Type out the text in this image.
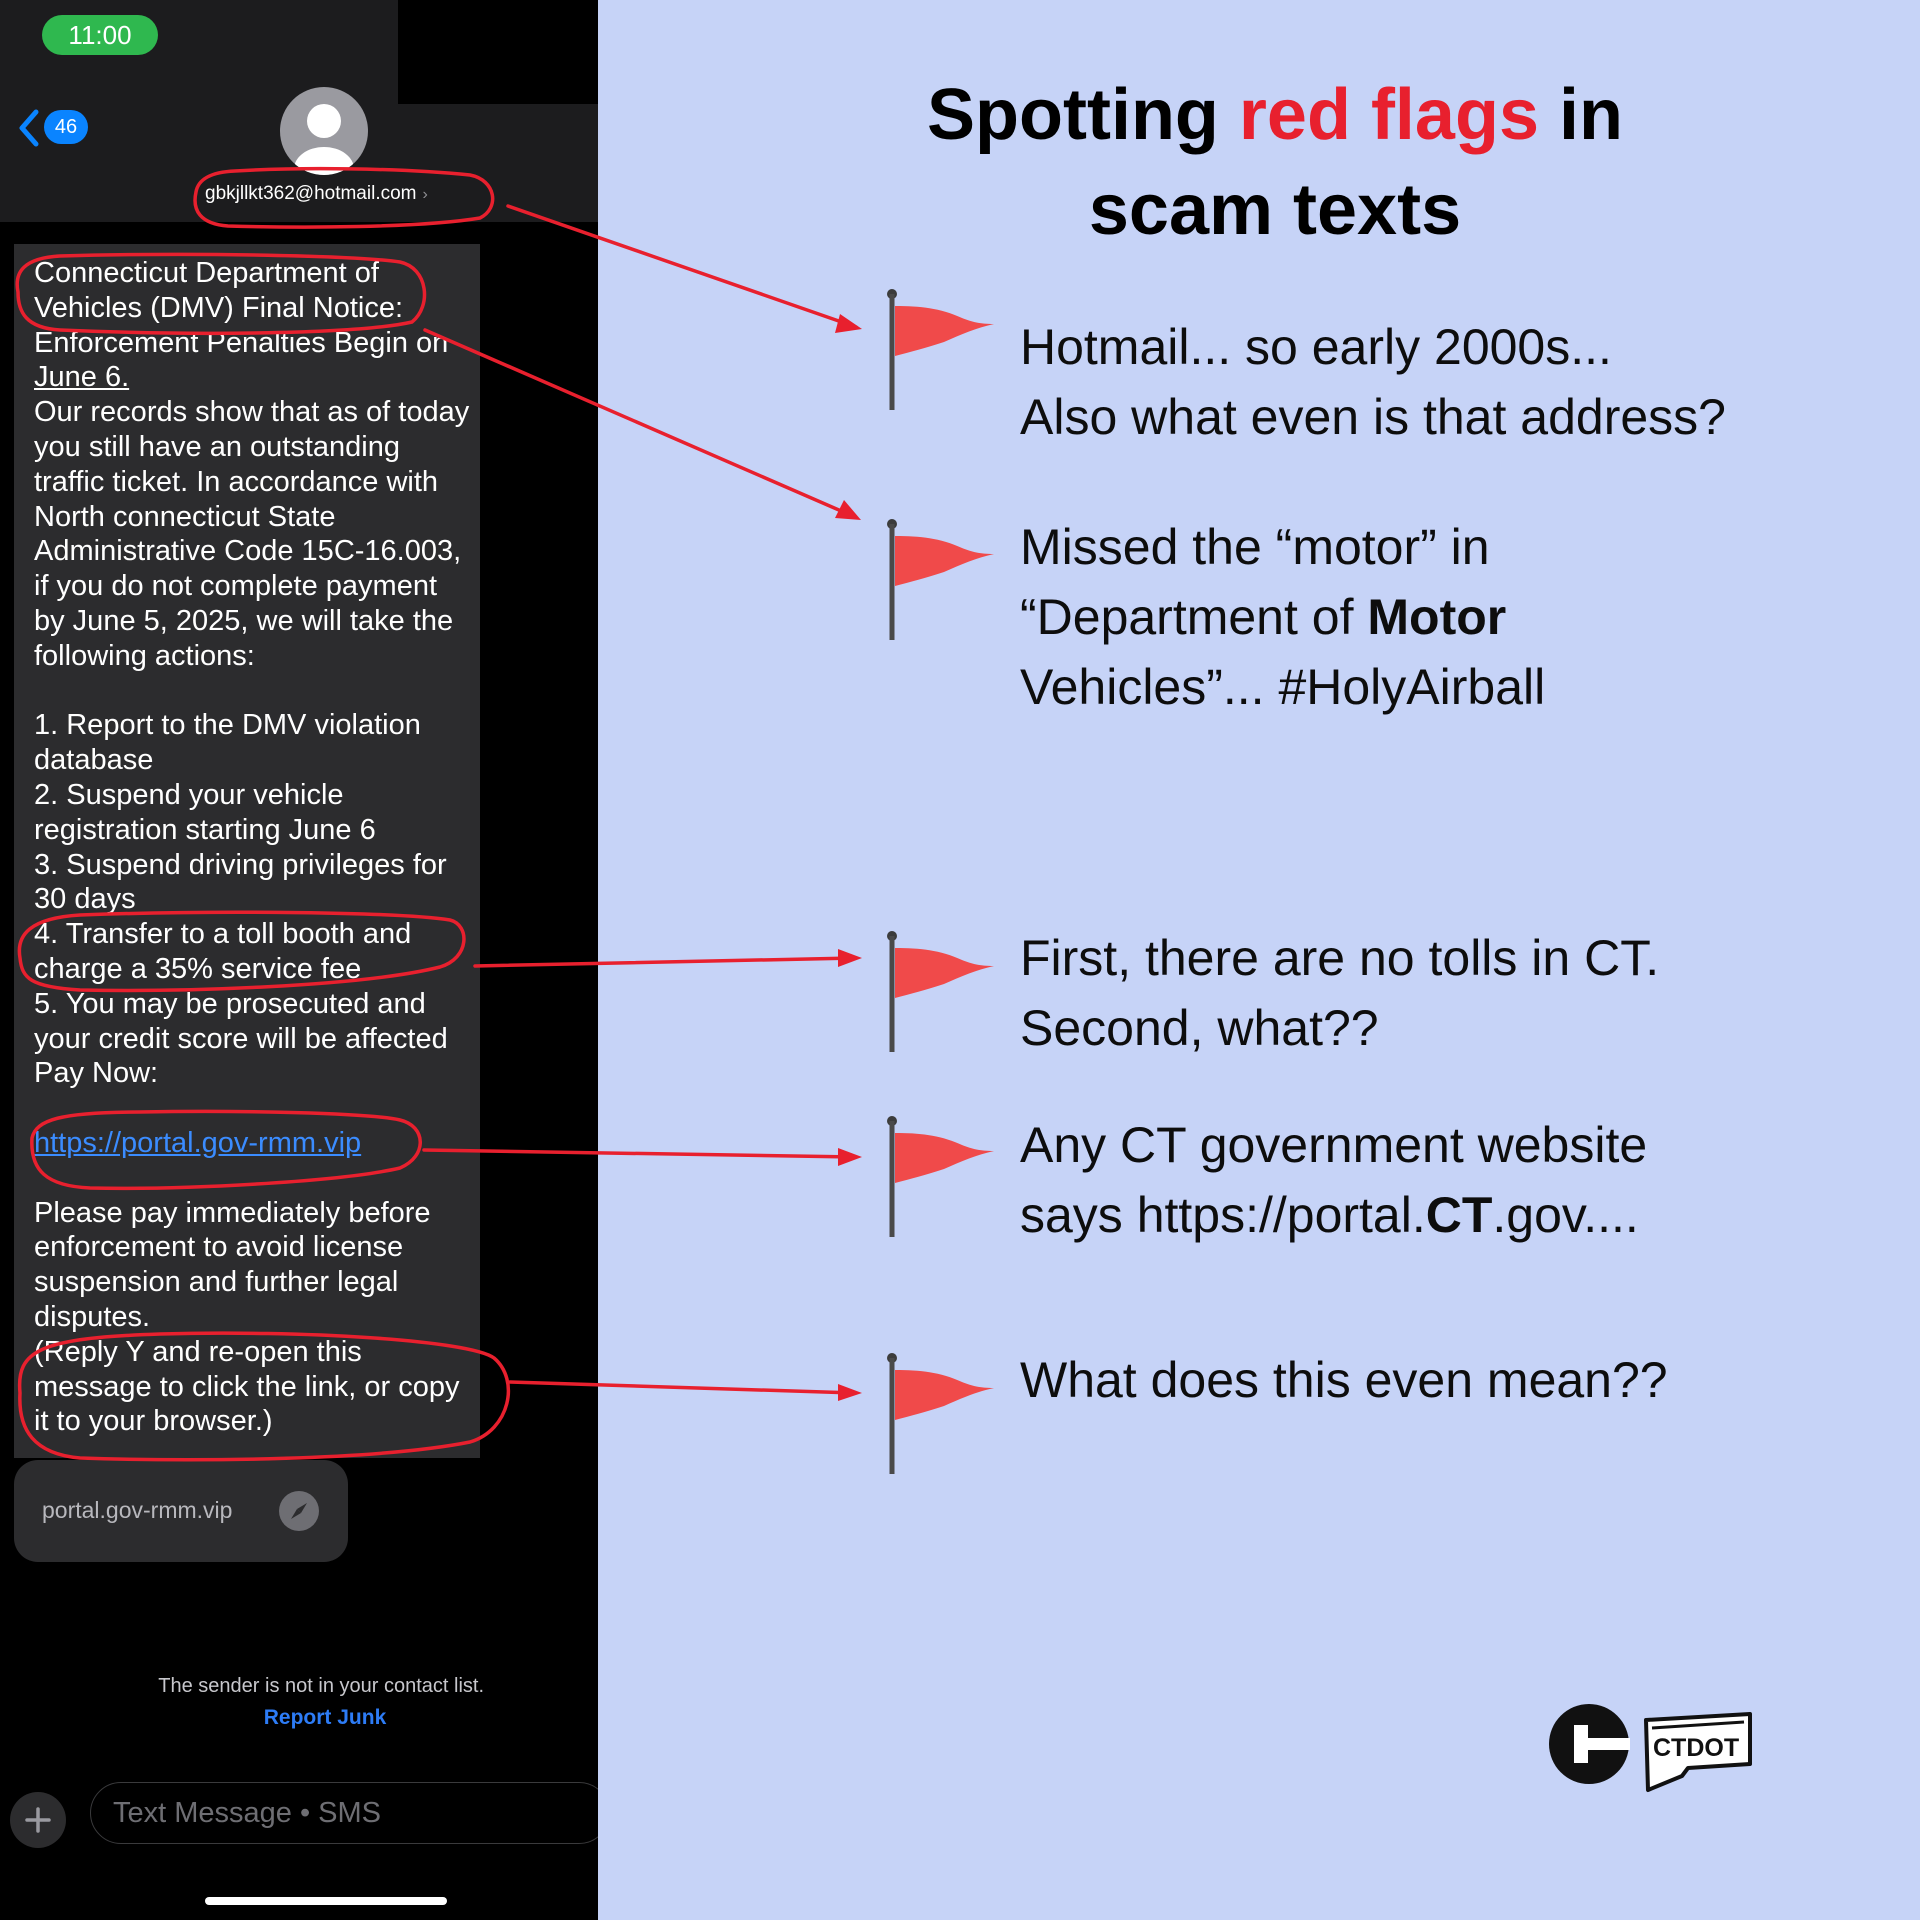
11:00
46
gbkjllkt362@hotmail.com ›
Connecticut Department of
Vehicles (DMV) Final Notice:
Enforcement Penalties Begin on
June 6.
Our records show that as of today
you still have an outstanding
traffic ticket. In accordance with
North connecticut State
Administrative Code 15C-16.003,
if you do not complete payment
by June 5, 2025, we will take the
following actions:

1. Report to the DMV violation
database
2. Suspend your vehicle
registration starting June 6
3. Suspend driving privileges for
30 days
4. Transfer to a toll booth and
charge a 35% service fee
5. You may be prosecuted and
your credit score will be affected
Pay Now:

https://portal.gov-rmm.vip

Please pay immediately before
enforcement to avoid license
suspension and further legal
disputes.
(Reply Y and re-open this
message to click the link, or copy
it to your browser.)
portal.gov-rmm.vip
The sender is not in your contact list.
Report Junk
Text Message • SMS
Spotting red flags in
scam texts
Hotmail... so early 2000s...
Also what even is that address?
Missed the “motor” in
“Department of Motor
Vehicles”... #HolyAirball
First, there are no tolls in CT.
Second, what??
Any CT government website
says https://portal.CT.gov....
What does this even mean??
CTDOT
